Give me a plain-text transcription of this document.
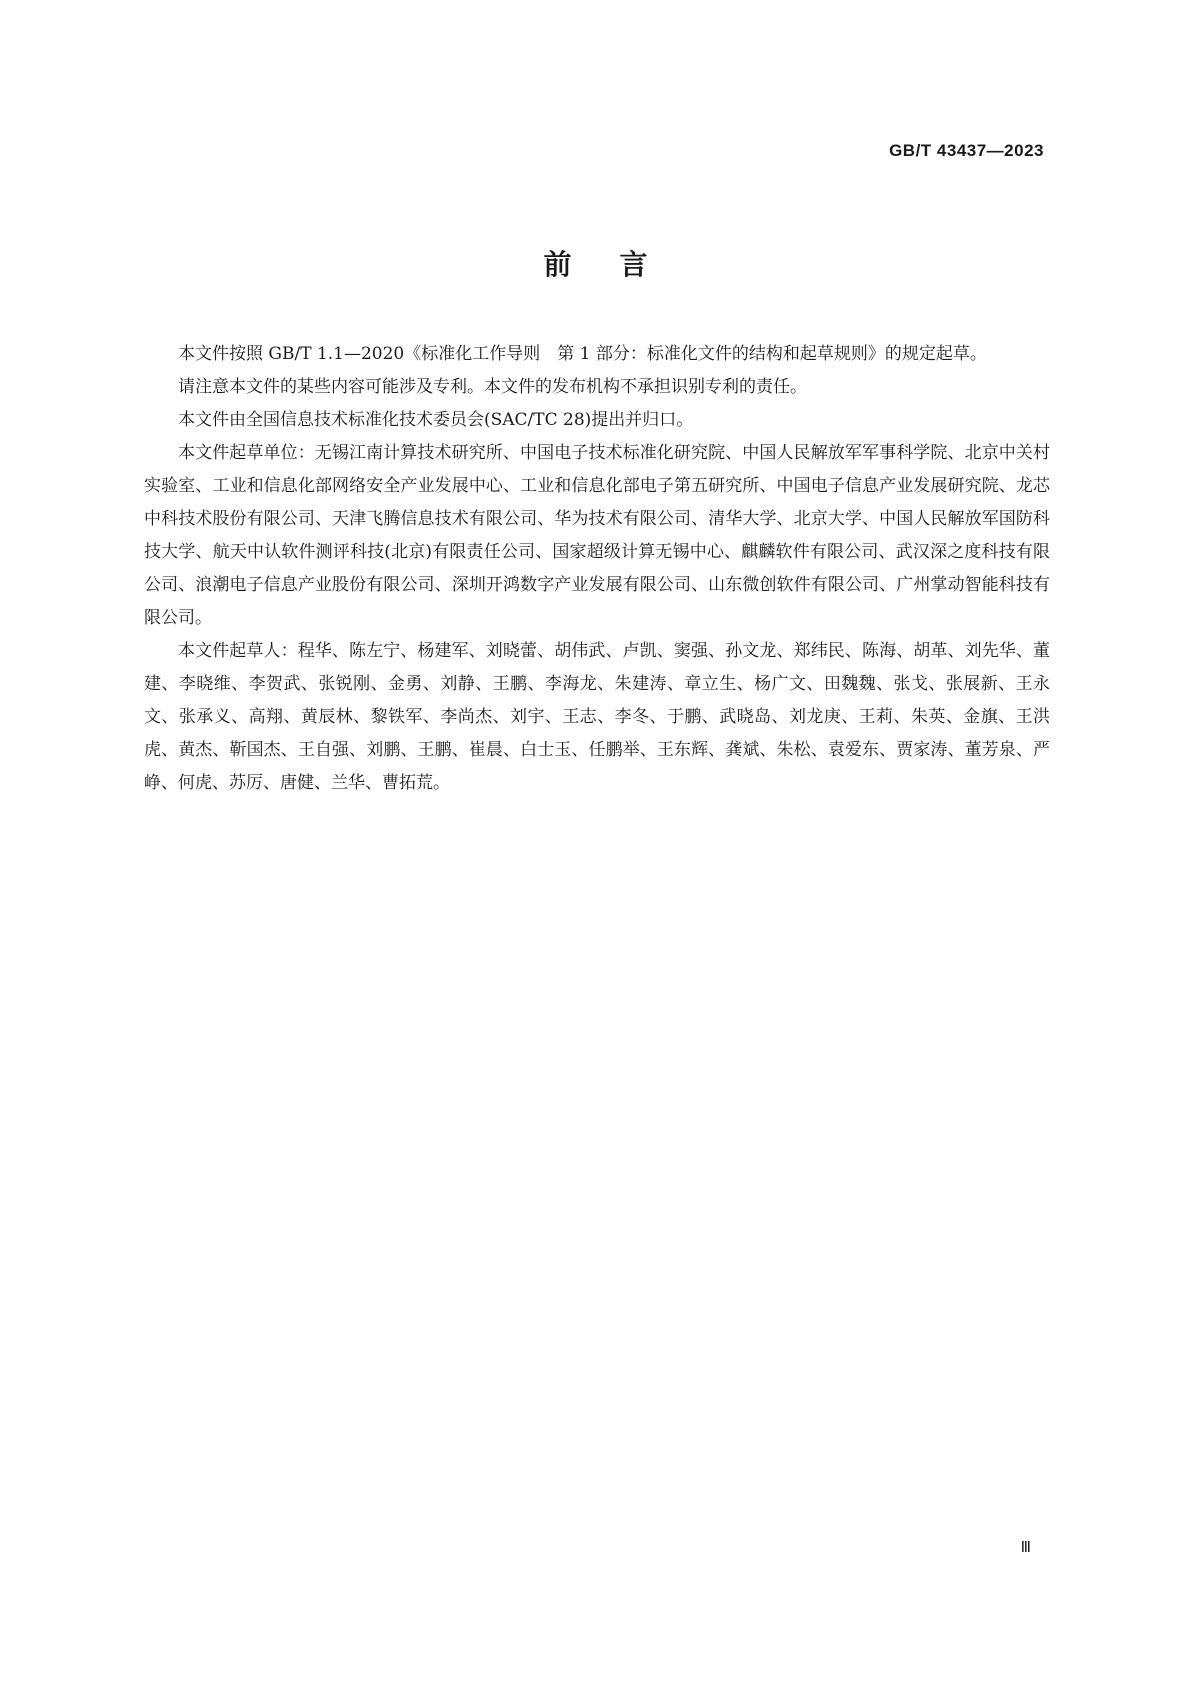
GB/T 43437—2023
前言

本文件按照 GB/T 1.1—2020《标准化工作导则　第 1 部分：标准化文件的结构和起草规则》的规定起草。

请注意本文件的某些内容可能涉及专利。本文件的发布机构不承担识别专利的责任。

本文件由全国信息技术标准化技术委员会(SAC/TC 28)提出并归口。

本文件起草单位：无锡江南计算技术研究所、中国电子技术标准化研究院、中国人民解放军军事科学院、北京中关村实验室、工业和信息化部网络安全产业发展中心、工业和信息化部电子第五研究所、中国电子信息产业发展研究院、龙芯中科技术股份有限公司、天津飞腾信息技术有限公司、华为技术有限公司、清华大学、北京大学、中国人民解放军国防科技大学、航天中认软件测评科技(北京)有限责任公司、国家超级计算无锡中心、麒麟软件有限公司、武汉深之度科技有限公司、浪潮电子信息产业股份有限公司、深圳开鸿数字产业发展有限公司、山东微创软件有限公司、广州掌动智能科技有限公司。

本文件起草人：程华、陈左宁、杨建军、刘晓蕾、胡伟武、卢凯、窦强、孙文龙、郑纬民、陈海、胡革、刘先华、董建、李晓维、李贺武、张锐刚、金勇、刘静、王鹏、李海龙、朱建涛、章立生、杨广文、田魏魏、张戈、张展新、王永文、张承义、高翔、黄辰林、黎铁军、李尚杰、刘宇、王志、李冬、于鹏、武晓岛、刘龙庚、王莉、朱英、金旗、王洪虎、黄杰、靳国杰、王自强、刘鹏、王鹏、崔晨、白士玉、任鹏举、王东辉、龚斌、朱松、袁爱东、贾家涛、董芳泉、严峥、何虎、苏厉、唐健、兰华、曹拓荒。

Ⅲ
